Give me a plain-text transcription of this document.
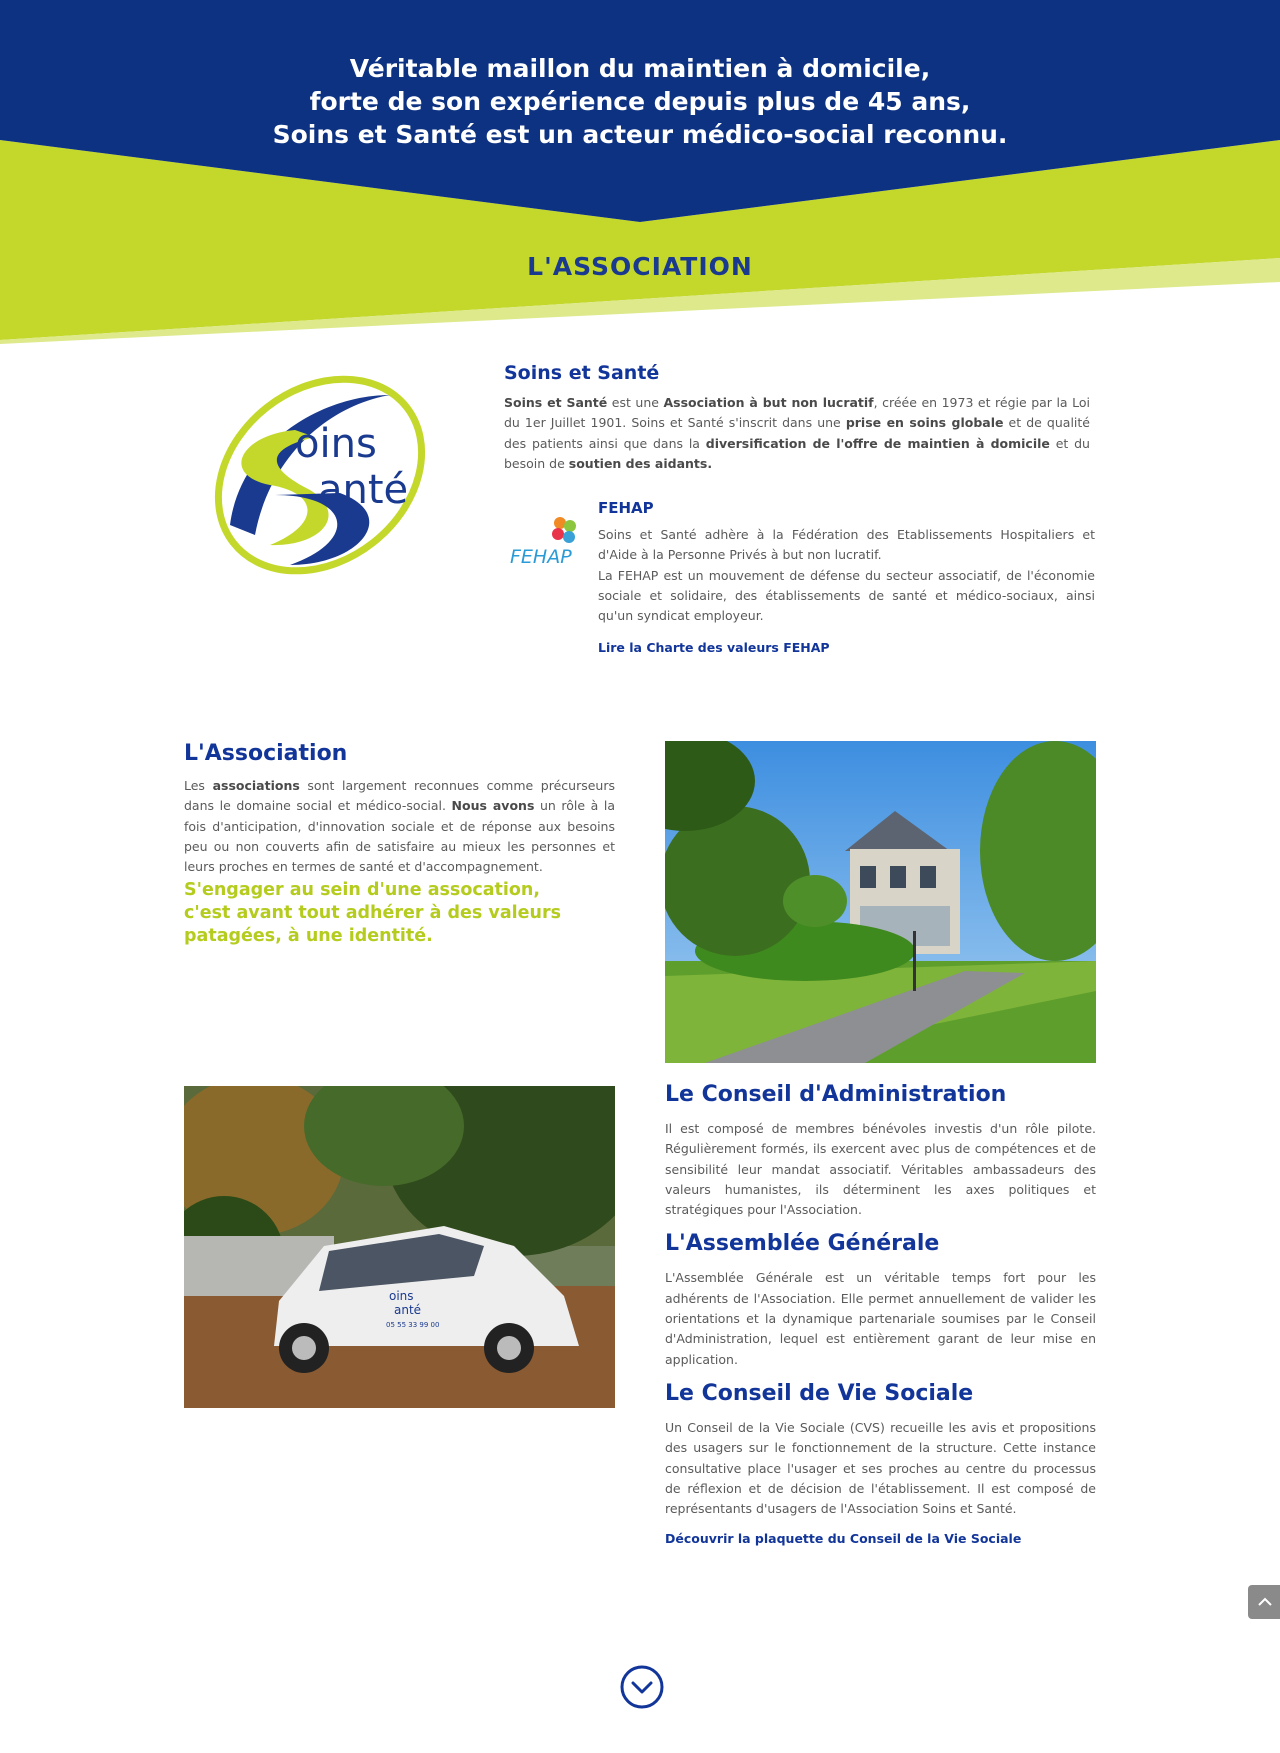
Véritable maillon du maintien à domicile,
forte de son expérience depuis plus de 45 ans,
Soins et Santé est un acteur médico-social reconnu.
L'ASSOCIATION
oins
anté
Soins et Santé

Soins et Santé est une Association à but non lucratif, créée en 1973 et régie par la Loi du 1er Juillet 1901. Soins et Santé s'inscrit dans une prise en soins globale et de qualité des patients ainsi que dans la diversification de l'offre de maintien à domicile et du besoin de soutien des aidants.

FEHAP
FEHAP

Soins et Santé adhère à la Fédération des Etablissements Hospitaliers et d'Aide à la Personne Privés à but non lucratif.

La FEHAP est un mouvement de défense du secteur associatif, de l'économie sociale et solidaire, des établissements de santé et médico-sociaux, ainsi qu'un syndicat employeur.

Lire la Charte des valeurs FEHAP
L'Association

Les associations sont largement reconnues comme précurseurs dans le domaine social et médico-social. Nous avons un rôle à la fois d'anticipation, d'innovation sociale et de réponse aux besoins peu ou non couverts afin de satisfaire au mieux les personnes et leurs proches en termes de santé et d'accompagnement.

S'engager au sein d'une assocation,
c'est avant tout adhérer à des valeurs
patagées, à une identité.
oins
anté
05 55 33 99 00
Le Conseil d'Administration

Il est composé de membres bénévoles investis d'un rôle pilote. Régulièrement formés, ils exercent avec plus de compétences et de sensibilité leur mandat associatif. Véritables ambassadeurs des valeurs humanistes, ils déterminent les axes politiques et stratégiques pour l'Association.

L'Assemblée Générale

L'Assemblée Générale est un véritable temps fort pour les adhérents de l'Association. Elle permet annuellement de valider les orientations et la dynamique partenariale soumises par le Conseil d'Administration, lequel est entièrement garant de leur mise en application.

Le Conseil de Vie Sociale

Un Conseil de la Vie Sociale (CVS) recueille les avis et propositions des usagers sur le fonctionnement de la structure. Cette instance consultative place l'usager et ses proches au centre du processus de réflexion et de décision de l'établissement. Il est composé de représentants d'usagers de l'Association Soins et Santé.

Découvrir la plaquette du Conseil de la Vie Sociale
